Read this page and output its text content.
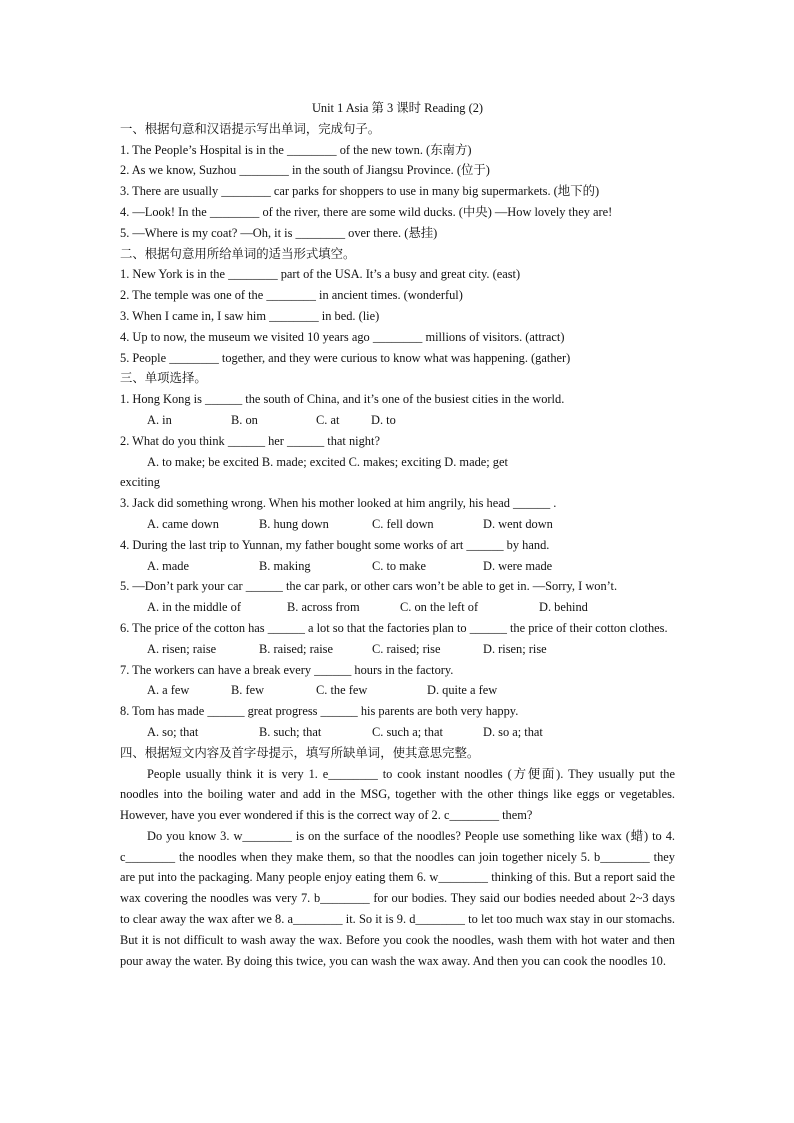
Unit 1 Asia 第 3 课时 Reading (2)
一、根据句意和汉语提示写出单词，完成句子。
1. The People’s Hospital is in the ________ of the new town. (东南方)
2. As we know, Suzhou ________ in the south of Jiangsu Province. (位于)
3. There are usually ________ car parks for shoppers to use in many big supermarkets. (地下的)
4. —Look! In the ________ of the river, there are some wild ducks. (中央) —How lovely they are!
5. —Where is my coat? —Oh, it is ________ over there. (悬挂)
二、根据句意用所给单词的适当形式填空。
1. New York is in the ________ part of the USA. It’s a busy and great city. (east)
2. The temple was one of the ________ in ancient times. (wonderful)
3. When I came in, I saw him ________ in bed. (lie)
4. Up to now, the museum we visited 10 years ago ________ millions of visitors. (attract)
5. People ________ together, and they were curious to know what was happening. (gather)
三、单项选择。
1. Hong Kong is ______ the south of China, and it’s one of the busiest cities in the world.
A. in	B. on	C. at	D. to
2. What do you think ______ her ______ that night?
A. to make; be excited B. made; excited C. makes; exciting D. made; get
exciting
3. Jack did something wrong. When his mother looked at him angrily, his head ______ .
A. came down	B. hung down	C. fell down	D. went down
4. During the last trip to Yunnan, my father bought some works of art ______ by hand.
A. made	B. making	C. to make	D. were made
5. —Don’t park your car ______ the car park, or other cars won’t be able to get in. —Sorry, I won’t.
A. in the middle of	B. across from	C. on the left of	D. behind
6. The price of the cotton has ______ a lot so that the factories plan to ______ the price of their cotton clothes.
A. risen; raise	B. raised; raise	C. raised; rise	D. risen; rise
7. The workers can have a break every ______ hours in the factory.
A. a few	B. few	C. the few	D. quite a few
8. Tom has made ______ great progress ______ his parents are both very happy.
A. so; that	B. such; that	C. such a; that	D. so a; that
四、根据短文内容及首字母提示，填写所缺单词，使其意思完整。
People usually think it is very 1. e________ to cook instant noodles (方便面). They usually put the noodles into the boiling water and add in the MSG, together with the other things like eggs or vegetables. However, have you ever wondered if this is the correct way of 2. c________ them?
Do you know 3. w________ is on the surface of the noodles? People use something like wax (蜡) to 4. c________ the noodles when they make them, so that the noodles can join together nicely 5. b________ they are put into the packaging. Many people enjoy eating them 6. w________ thinking of this. But a report said the wax covering the noodles was very 7. b________ for our bodies. They said our bodies needed about 2~3 days to clear away the wax after we 8. a________ it. So it is 9. d________ to let too much wax stay in our stomachs. But it is not difficult to wash away the wax. Before you cook the noodles, wash them with hot water and then pour away the water. By doing this twice, you can wash the wax away. And then you can cook the noodles 10.
